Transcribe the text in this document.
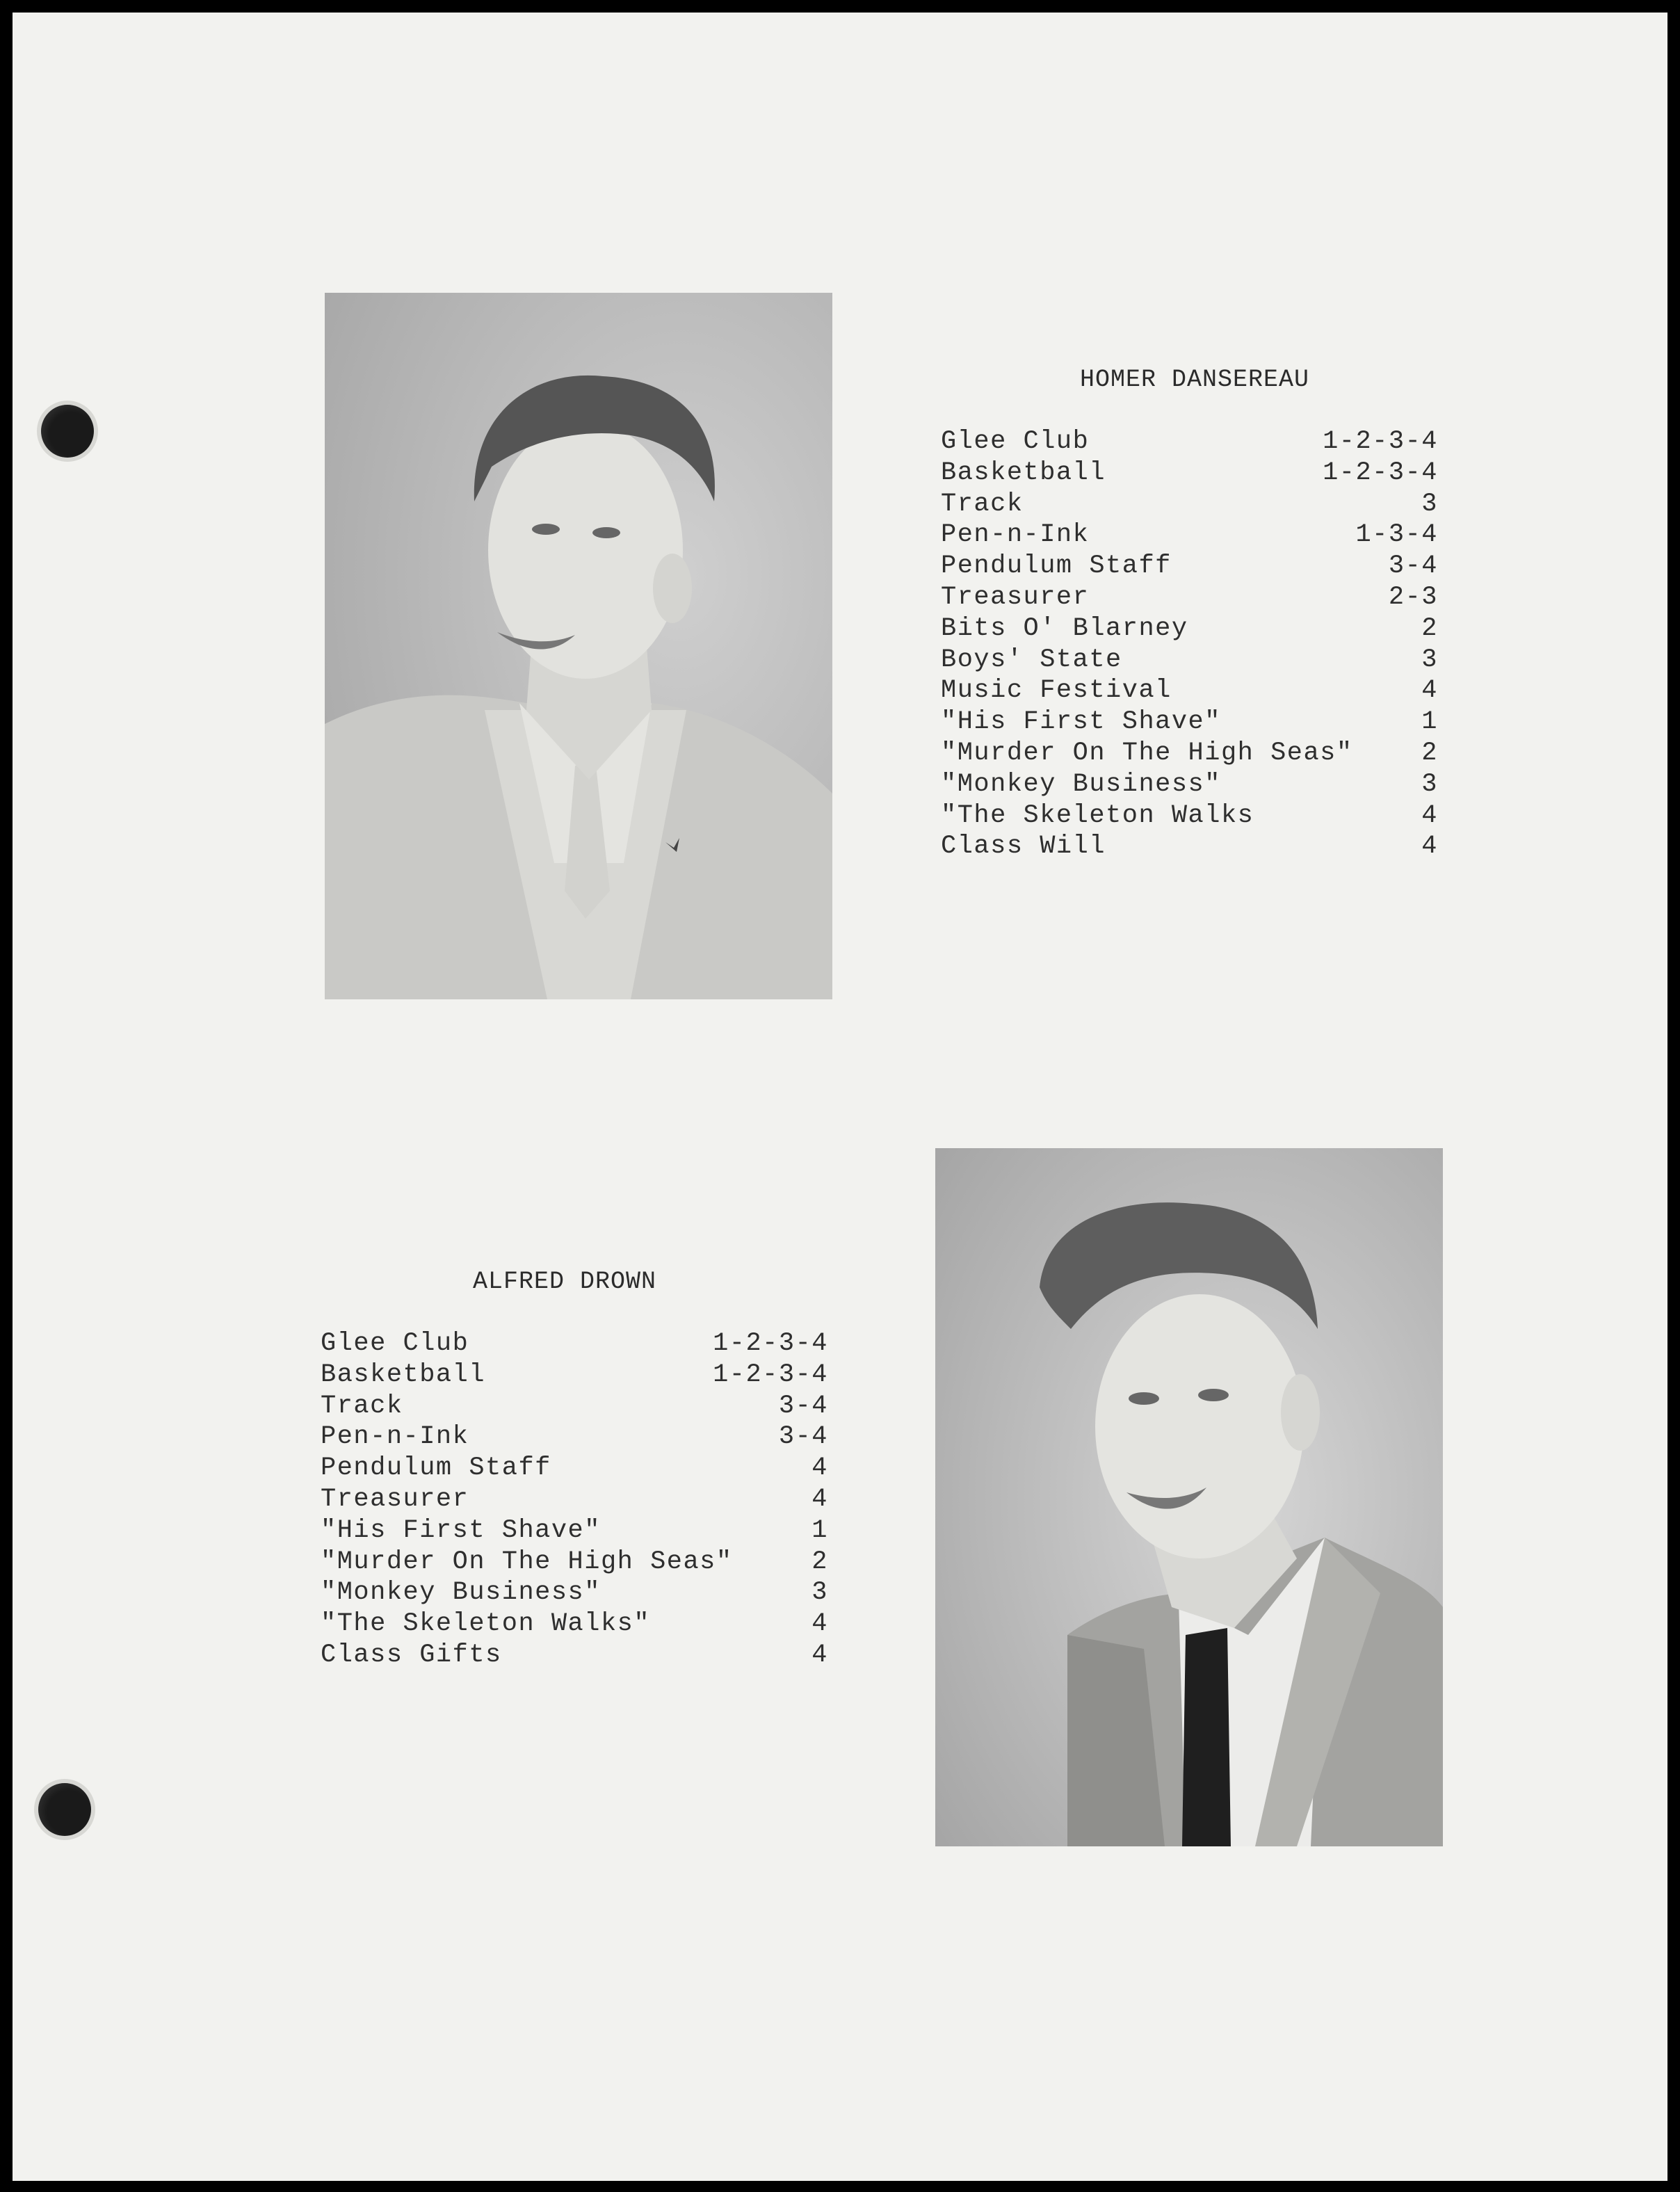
HOMER DANSEREAU
Glee Club	1-2-3-4
Basketball	1-2-3-4
Track	3
Pen-n-Ink	1-3-4
Pendulum Staff	3-4
Treasurer	2-3
Bits O' Blarney	2
Boys' State	3
Music Festival	4
"His First Shave"	1
"Murder On The High Seas"	2
"Monkey Business"	3
"The Skeleton Walks	4
Class Will	4
ALFRED DROWN
Glee Club	1-2-3-4
Basketball	1-2-3-4
Track	3-4
Pen-n-Ink	3-4
Pendulum Staff	4
Treasurer	4
"His First Shave"	1
"Murder On The High Seas"	2
"Monkey Business"	3
"The Skeleton Walks"	4
Class Gifts	4
